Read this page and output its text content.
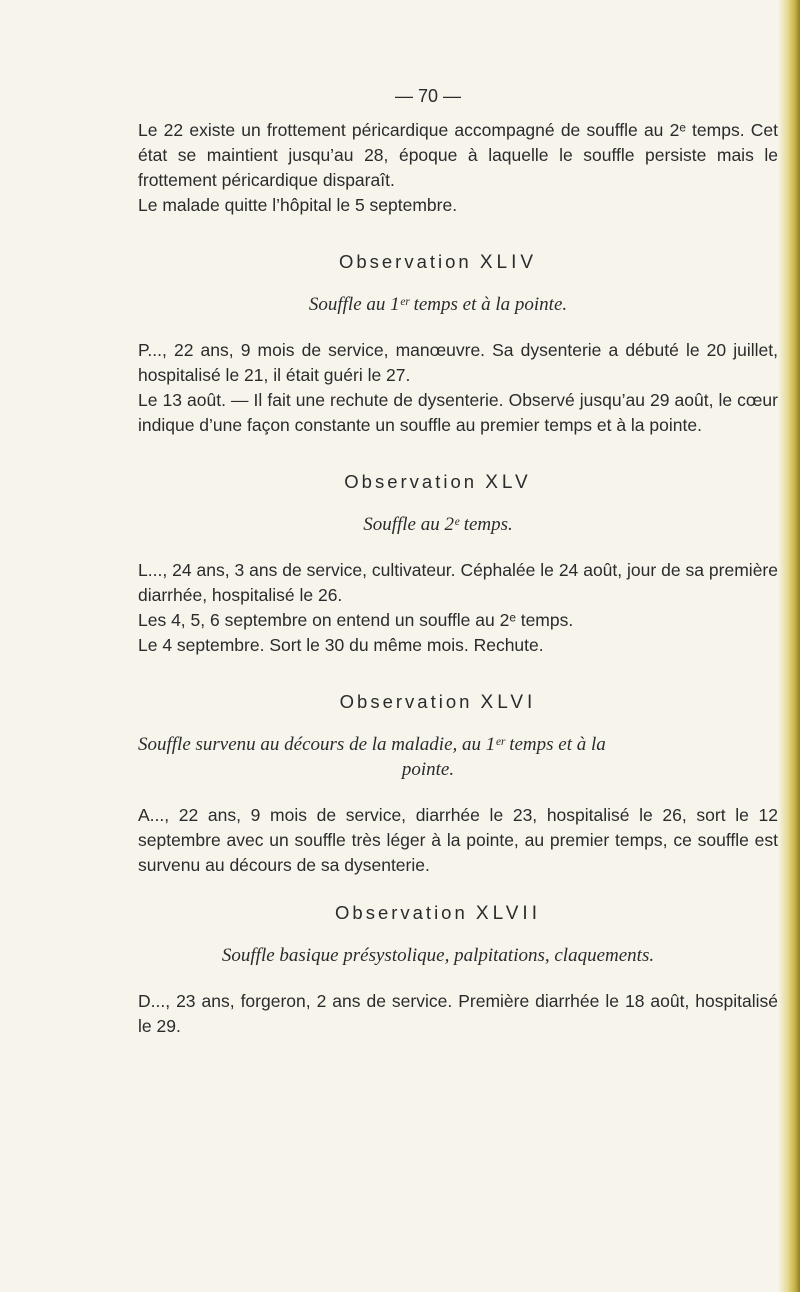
— 70 —

Le 22 existe un frottement péricardique accompagné de souffle au 2ᵉ temps. Cet état se maintient jusqu’au 28, époque à laquelle le souffle persiste mais le frottement péricardique disparaît.

Le malade quitte l’hôpital le 5 septembre.

Observation XLIV
Souffle au 1ᵉʳ temps et à la pointe.

P..., 22 ans, 9 mois de service, manœuvre. Sa dysenterie a débuté le 20 juillet, hospitalisé le 21, il était guéri le 27.

Le 13 août. — Il fait une rechute de dysenterie. Observé jusqu’au 29 août, le cœur indique d’une façon constante un souffle au premier temps et à la pointe.

Observation XLV
Souffle au 2ᵉ temps.

L..., 24 ans, 3 ans de service, cultivateur. Céphalée le 24 août, jour de sa première diarrhée, hospitalisé le 26.

Les 4, 5, 6 septembre on entend un souffle au 2ᵉ temps.

Le 4 septembre. Sort le 30 du même mois. Rechute.

Observation XLVI
Souffle survenu au décours de la maladie, au 1ᵉʳ temps et à la
pointe.

A..., 22 ans, 9 mois de service, diarrhée le 23, hospitalisé le 26, sort le 12 septembre avec un souffle très léger à la pointe, au premier temps, ce souffle est survenu au décours de sa dysenterie.

Observation XLVII
Souffle basique présystolique, palpitations, claquements.

D..., 23 ans, forgeron, 2 ans de service. Première diarrhée le 18 août, hospitalisé le 29.
